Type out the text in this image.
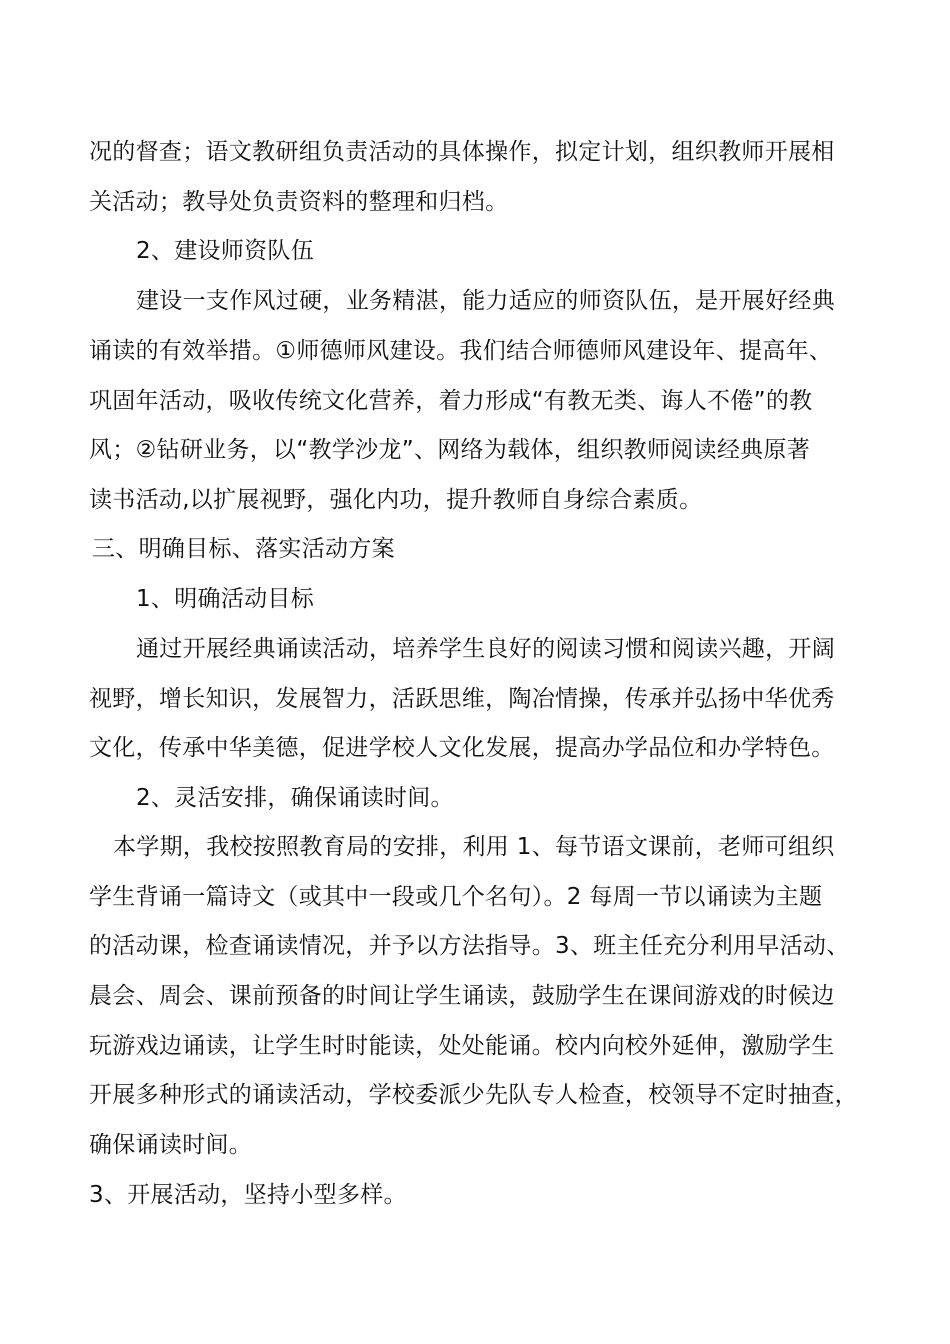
况的督查；语文教研组负责活动的具体操作，拟定计划，组织教师开展相
关活动；教导处负责资料的整理和归档。
2、建设师资队伍
建设一支作风过硬，业务精湛，能力适应的师资队伍，是开展好经典
诵读的有效举措。①师德师风建设。我们结合师德师风建设年、提高年、
巩固年活动，吸收传统文化营养，着力形成“有教无类、诲人不倦”的教
风；②钻研业务，以“教学沙龙”、网络为载体，组织教师阅读经典原著
读书活动,以扩展视野，强化内功，提升教师自身综合素质。
三、明确目标、落实活动方案
1、明确活动目标
通过开展经典诵读活动，培养学生良好的阅读习惯和阅读兴趣，开阔
视野，增长知识，发展智力，活跃思维，陶冶情操，传承并弘扬中华优秀
文化，传承中华美德，促进学校人文化发展，提高办学品位和办学特色。
2、灵活安排，确保诵读时间。
本学期，我校按照教育局的安排，利用 1、每节语文课前，老师可组织
学生背诵一篇诗文（或其中一段或几个名句）。2 每周一节以诵读为主题
的活动课，检查诵读情况，并予以方法指导。3、班主任充分利用早活动、
晨会、周会、课前预备的时间让学生诵读，鼓励学生在课间游戏的时候边
玩游戏边诵读，让学生时时能读，处处能诵。校内向校外延伸，激励学生
开展多种形式的诵读活动，学校委派少先队专人检查，校领导不定时抽查，
确保诵读时间。
3、开展活动，坚持小型多样。
